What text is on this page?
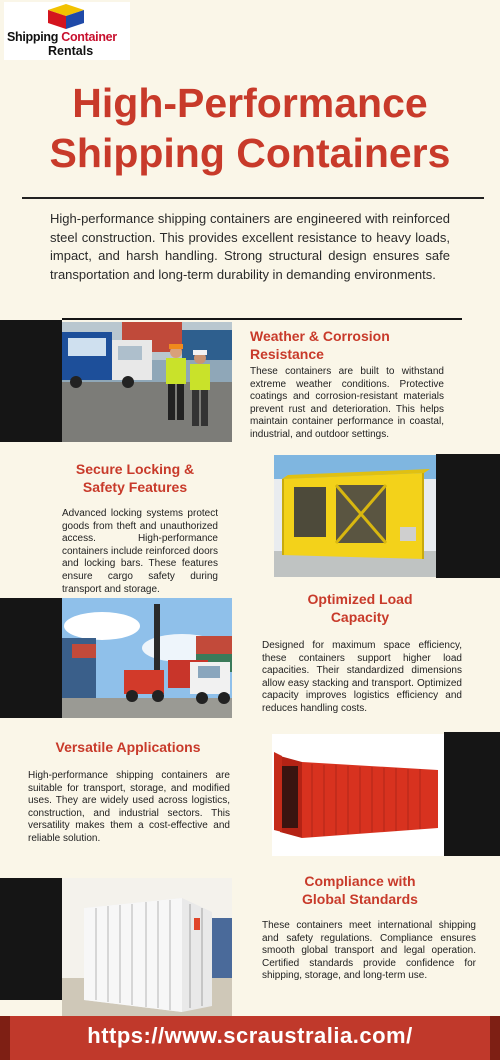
Shipping Container
Rentals
High-Performance
Shipping Containers
High-performance shipping containers are engineered with reinforced steel construction. This provides excellent resistance to heavy loads, impact, and harsh handling. Strong structural design ensures safe transportation and long-term durability in demanding environments.
Weather & Corrosion
Resistance
These containers are built to withstand extreme weather conditions. Protective coatings and corrosion-resistant materials prevent rust and deterioration. This helps maintain container performance in coastal, industrial, and outdoor settings.
Secure Locking &
Safety Features
Advanced locking systems protect goods from theft and unauthorized access. High-performance containers include reinforced doors and locking bars. These features ensure cargo safety during transport and storage.
Optimized Load
Capacity
Designed for maximum space efficiency, these containers support higher load capacities. Their standardized dimensions allow easy stacking and transport. Optimized capacity improves logistics efficiency and reduces handling costs.
Versatile Applications
High-performance shipping containers are suitable for transport, storage, and modified uses. They are widely used across logistics, construction, and industrial sectors. This versatility makes them a cost-effective and reliable solution.
Compliance with
Global Standards
These containers meet international shipping and safety regulations. Compliance ensures smooth global transport and legal operation. Certified standards provide confidence for shipping, storage, and long-term use.
https://www.scraustralia.com/
